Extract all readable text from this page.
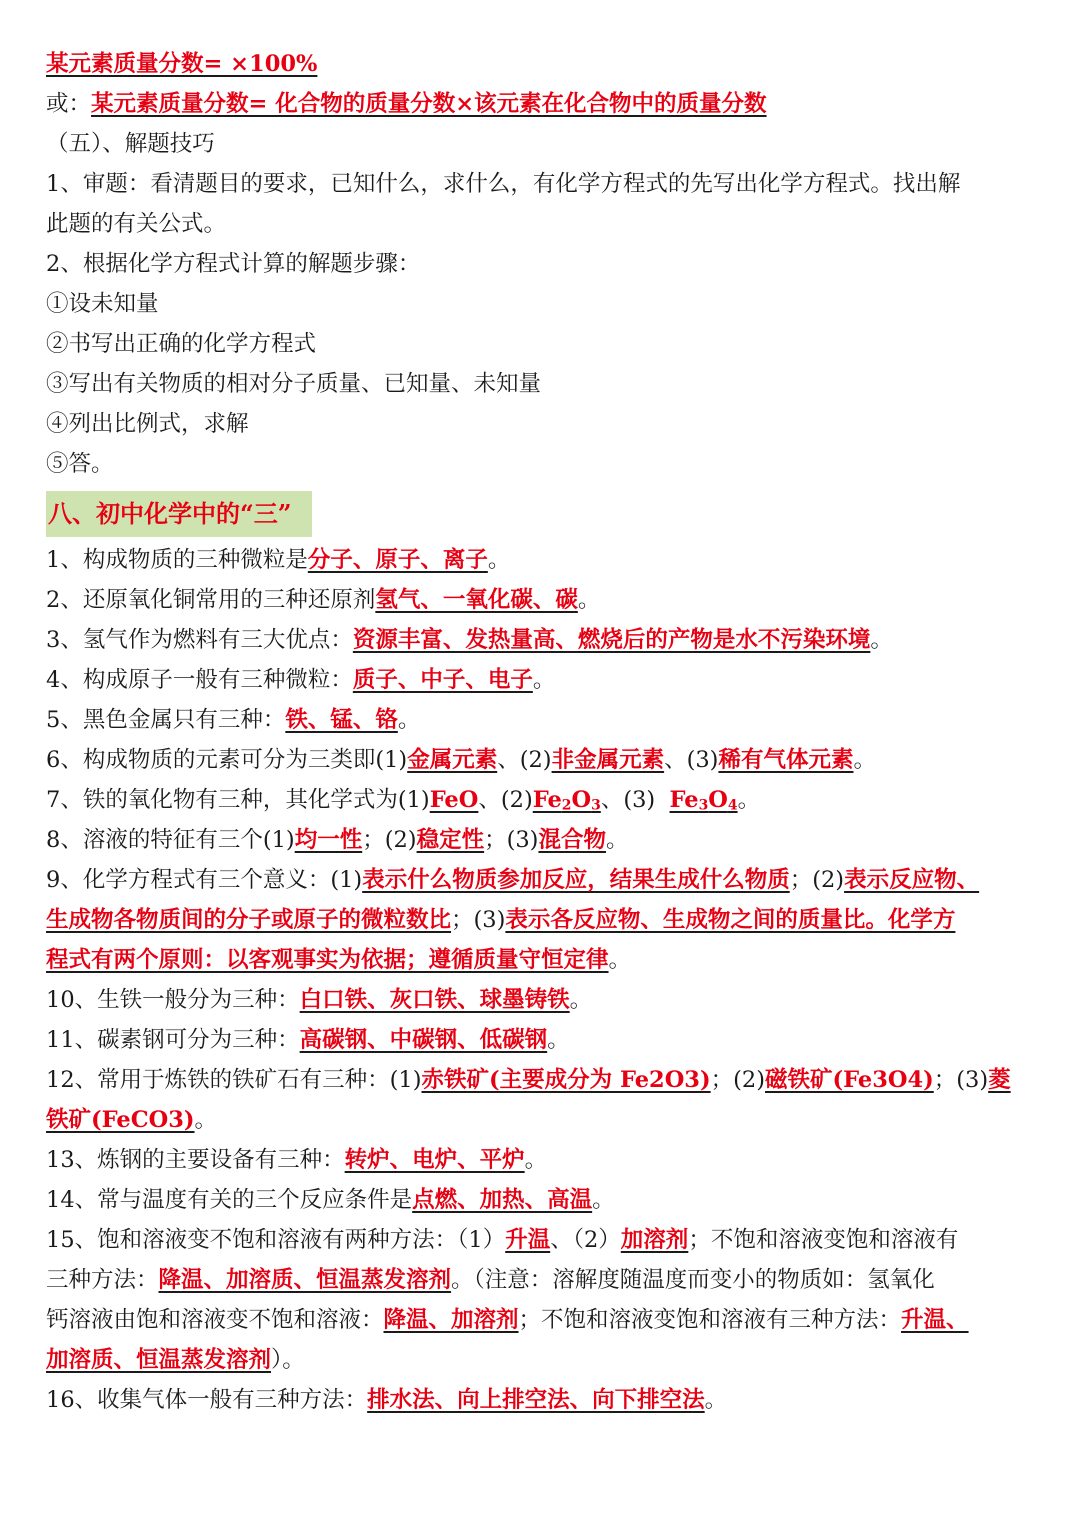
某元素质量分数= ×100%
或：某元素质量分数= 化合物的质量分数×该元素在化合物中的质量分数
（五）、解题技巧
1、审题：看清题目的要求，已知什么，求什么，有化学方程式的先写出化学方程式。找出解
此题的有关公式。
2、根据化学方程式计算的解题步骤：
①设未知量
②书写出正确的化学方程式
③写出有关物质的相对分子质量、已知量、未知量
④列出比例式，求解
⑤答。
八、初中化学中的“三”
1、构成物质的三种微粒是分子、原子、离子。
2、还原氧化铜常用的三种还原剂氢气、一氧化碳、碳。
3、氢气作为燃料有三大优点：资源丰富、发热量高、燃烧后的产物是水不污染环境。
4、构成原子一般有三种微粒：质子、中子、电子。
5、黑色金属只有三种：铁、锰、铬。
6、构成物质的元素可分为三类即(1)金属元素、(2)非金属元素、(3)稀有气体元素。
7、铁的氧化物有三种，其化学式为(1)FeO、(2)Fe2O3、(3)  Fe3O4。
8、溶液的特征有三个(1)均一性；(2)稳定性；(3)混合物。
9、化学方程式有三个意义：(1)表示什么物质参加反应，结果生成什么物质；(2)表示反应物、
生成物各物质间的分子或原子的微粒数比；(3)表示各反应物、生成物之间的质量比。化学方
程式有两个原则：以客观事实为依据；遵循质量守恒定律。
10、生铁一般分为三种：白口铁、灰口铁、球墨铸铁。
11、碳素钢可分为三种：高碳钢、中碳钢、低碳钢。
12、常用于炼铁的铁矿石有三种：(1)赤铁矿(主要成分为 Fe2O3)；(2)磁铁矿(Fe3O4)；(3)菱
铁矿(FeCO3)。
13、炼钢的主要设备有三种：转炉、电炉、平炉。
14、常与温度有关的三个反应条件是点燃、加热、高温。
15、饱和溶液变不饱和溶液有两种方法：（1）升温、（2）加溶剂；不饱和溶液变饱和溶液有
三种方法：降温、加溶质、恒温蒸发溶剂。（注意：溶解度随温度而变小的物质如：氢氧化
钙溶液由饱和溶液变不饱和溶液：降温、加溶剂；不饱和溶液变饱和溶液有三种方法：升温、
加溶质、恒温蒸发溶剂）。
16、收集气体一般有三种方法：排水法、向上排空法、向下排空法。
